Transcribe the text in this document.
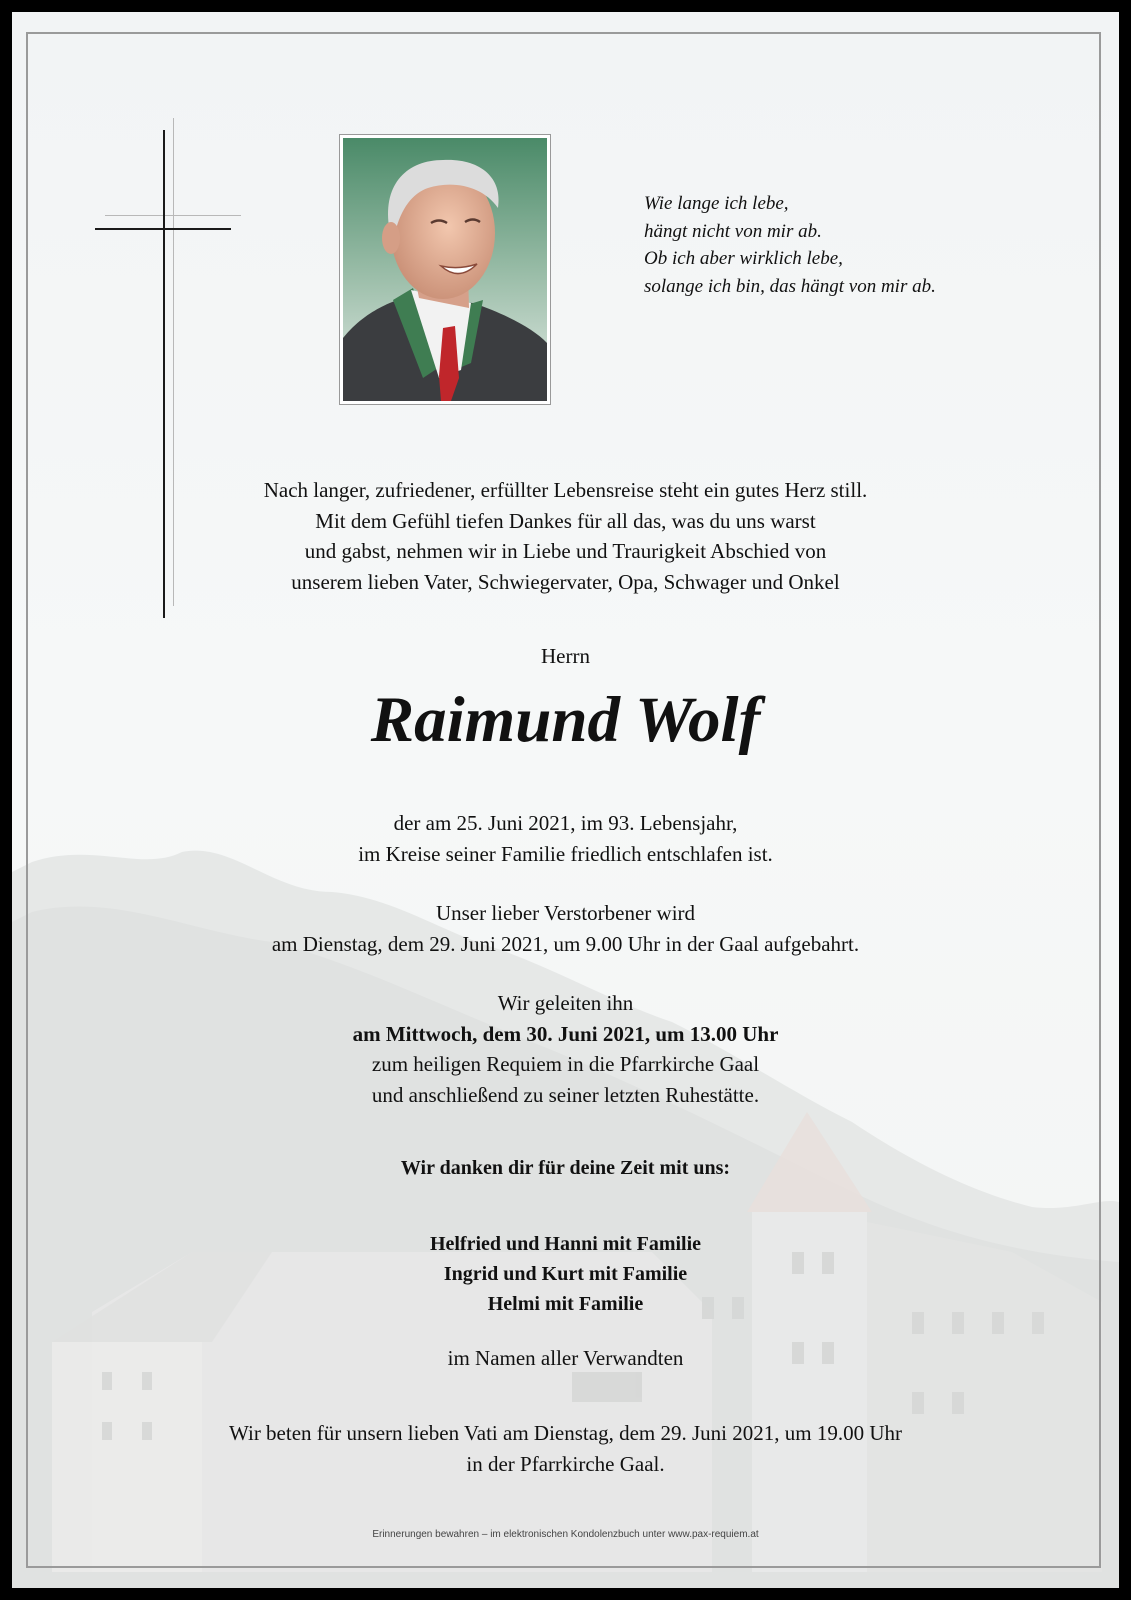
Wie lange ich lebe,
hängt nicht von mir ab.
Ob ich aber wirklich lebe,
solange ich bin, das hängt von mir ab.
Nach langer, zufriedener, erfüllter Lebensreise steht ein gutes Herz still.
Mit dem Gefühl tiefen Dankes für all das, was du uns warst
und gabst, nehmen wir in Liebe und Traurigkeit Abschied von
unserem lieben Vater, Schwiegervater, Opa, Schwager und Onkel
Herrn
Raimund Wolf
der am 25. Juni 2021, im 93. Lebensjahr,
im Kreise seiner Familie friedlich entschlafen ist.
Unser lieber Verstorbener wird
am Dienstag, dem 29. Juni 2021, um 9.00 Uhr in der Gaal aufgebahrt.
Wir geleiten ihn
am Mittwoch, dem 30. Juni 2021, um 13.00 Uhr
zum heiligen Requiem in die Pfarrkirche Gaal
und anschließend zu seiner letzten Ruhestätte.
Wir danken dir für deine Zeit mit uns:
Helfried und Hanni mit Familie
Ingrid und Kurt mit Familie
Helmi mit Familie
im Namen aller Verwandten
Wir beten für unsern lieben Vati am Dienstag, dem 29. Juni 2021, um 19.00 Uhr
in der Pfarrkirche Gaal.
Erinnerungen bewahren – im elektronischen Kondolenzbuch unter www.pax-requiem.at
